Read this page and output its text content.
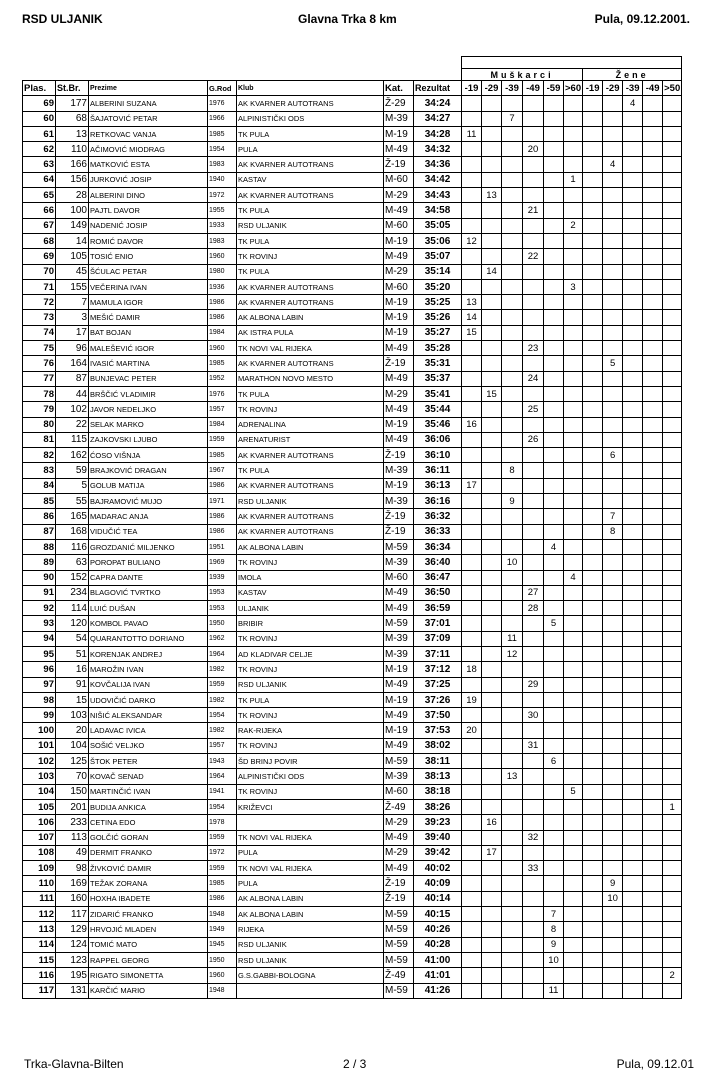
RSD ULJANIK	Glavna Trka 8 km	Pula, 09.12.2001.

							Muškarci						Žene				
Plas.	St.Br.	Prezime	G.Rod	Klub	Kat.	Rezultat	-19	-29	-39	-49	-59	>60	-19	-29	-39	-49	>50
69	177	ALBERINI SUZANA	1976	AK KVARNER AUTOTRANS	Ž-29	34:24									4		
60	68	ŠAJATOVIĆ PETAR	1966	ALPINISTIČKI ODS	M-39	34:27			7								
61	13	RETKOVAC VANJA	1985	TK PULA	M-19	34:28	11										
62	110	AČIMOVIĆ MIODRAG	1954	PULA	M-49	34:32				20							
63	166	MATKOVIĆ ESTA	1983	AK KVARNER AUTOTRANS	Ž-19	34:36								4			
64	156	JURKOVIĆ JOSIP	1940	KASTAV	M-60	34:42						1					
65	28	ALBERINI DINO	1972	AK KVARNER AUTOTRANS	M-29	34:43		13									
66	100	PAJTL DAVOR	1955	TK PULA	M-49	34:58				21							
67	149	NADENIĆ JOSIP	1933	RSD ULJANIK	M-60	35:05						2					
68	14	ROMIĆ DAVOR	1983	TK PULA	M-19	35:06	12										
69	105	TOSIĆ ENIO	1960	TK ROVINJ	M-49	35:07				22							
70	45	ŠĆULAC PETAR	1980	TK PULA	M-29	35:14		14									
71	155	VEČERINA IVAN	1936	AK KVARNER AUTOTRANS	M-60	35:20						3					
72	7	MAMULA IGOR	1986	AK KVARNER AUTOTRANS	M-19	35:25	13										
73	3	MEŠIĆ DAMIR	1986	AK ALBONA LABIN	M-19	35:26	14										
74	17	BAT BOJAN	1984	AK ISTRA PULA	M-19	35:27	15										
75	96	MALEŠEVIĆ IGOR	1960	TK NOVI VAL RIJEKA	M-49	35:28				23							
76	164	IVASIĆ MARTINA	1985	AK KVARNER AUTOTRANS	Ž-19	35:31								5			
77	87	BUNJEVAC PETER	1952	MARATHON NOVO MESTO	M-49	35:37				24							
78	44	BRŠČIĆ VLADIMIR	1976	TK PULA	M-29	35:41		15									
79	102	JAVOR NEDELJKO	1957	TK ROVINJ	M-49	35:44				25							
80	22	SELAK MARKO	1984	ADRENALINA	M-19	35:46	16										
81	115	ZAJKOVSKI LJUBO	1959	ARENATURIST	M-49	36:06				26							
82	162	ĆOSO VIŠNJA	1985	AK KVARNER AUTOTRANS	Ž-19	36:10								6			
83	59	BRAJKOVIĆ DRAGAN	1967	TK PULA	M-39	36:11			8								
84	5	GOLUB MATIJA	1986	AK KVARNER AUTOTRANS	M-19	36:13	17										
85	55	BAJRAMOVIĆ MUJO	1971	RSD ULJANIK	M-39	36:16			9								
86	165	MADARAC ANJA	1986	AK KVARNER AUTOTRANS	Ž-19	36:32								7			
87	168	VIDUČIĆ TEA	1986	AK KVARNER AUTOTRANS	Ž-19	36:33								8			
88	116	GROZDANIĆ MILJENKO	1951	AK ALBONA LABIN	M-59	36:34					4						
89	63	POROPAT BULIANO	1969	TK ROVINJ	M-39	36:40			10								
90	152	CAPRA DANTE	1939	IMOLA	M-60	36:47						4					
91	234	BLAGOVIĆ TVRTKO	1953	KASTAV	M-49	36:50				27							
92	114	LUIĆ DUŠAN	1953	ULJANIK	M-49	36:59				28							
93	120	KOMBOL PAVAO	1950	BRIBIR	M-59	37:01					5						
94	54	QUARANTOTTO DORIANO	1962	TK ROVINJ	M-39	37:09			11								
95	51	KORENJAK ANDREJ	1964	AD KLADIVAR CELJE	M-39	37:11			12								
96	16	MAROŽIN IVAN	1982	TK ROVINJ	M-19	37:12	18										
97	91	KOVČALIJA IVAN	1959	RSD ULJANIK	M-49	37:25				29							
98	15	UDOVIČIĆ DARKO	1982	TK PULA	M-19	37:26	19										
99	103	NIŠIĆ ALEKSANDAR	1954	TK ROVINJ	M-49	37:50				30							
100	20	LADAVAC IVICA	1982	RAK-RIJEKA	M-19	37:53	20										
101	104	SOŠIĆ VELJKO	1957	TK ROVINJ	M-49	38:02				31							
102	125	ŠTOK PETER	1943	ŠD BRINJ POVIR	M-59	38:11					6						
103	70	KOVAČ SENAD	1964	ALPINISTIČKI ODS	M-39	38:13			13								
104	150	MARTINČIĆ IVAN	1941	TK ROVINJ	M-60	38:18						5					
105	201	BUDIJA ANKICA	1954	KRIŽEVCI	Ž-49	38:26											1
106	233	CETINA EDO	1978		M-29	39:23		16									
107	113	GOLČIĆ GORAN	1959	TK NOVI VAL RIJEKA	M-49	39:40				32							
108	49	DERMIT FRANKO	1972	PULA	M-29	39:42		17									
109	98	ŽIVKOVIĆ DAMIR	1959	TK NOVI VAL RIJEKA	M-49	40:02				33							
110	169	TEŽAK ZORANA	1985	PULA	Ž-19	40:09								9			
111	160	HOXHA IBADETE	1986	AK ALBONA LABIN	Ž-19	40:14								10			
112	117	ZIDARIĆ FRANKO	1948	AK ALBONA LABIN	M-59	40:15					7						
113	129	HRVOJIĆ MLADEN	1949	RIJEKA	M-59	40:26					8						
114	124	TOMIĆ MATO	1945	RSD ULJANIK	M-59	40:28					9						
115	123	RAPPEL GEORG	1950	RSD ULJANIK	M-59	41:00					10						
116	195	RIGATO SIMONETTA	1960	G.S.GABBI-BOLOGNA	Ž-49	41:01											2
117	131	KARČIĆ MARIO	1948		M-59	41:26					11						
Trka-Glavna-Bilten	2 / 3	Pula, 09.12.01
